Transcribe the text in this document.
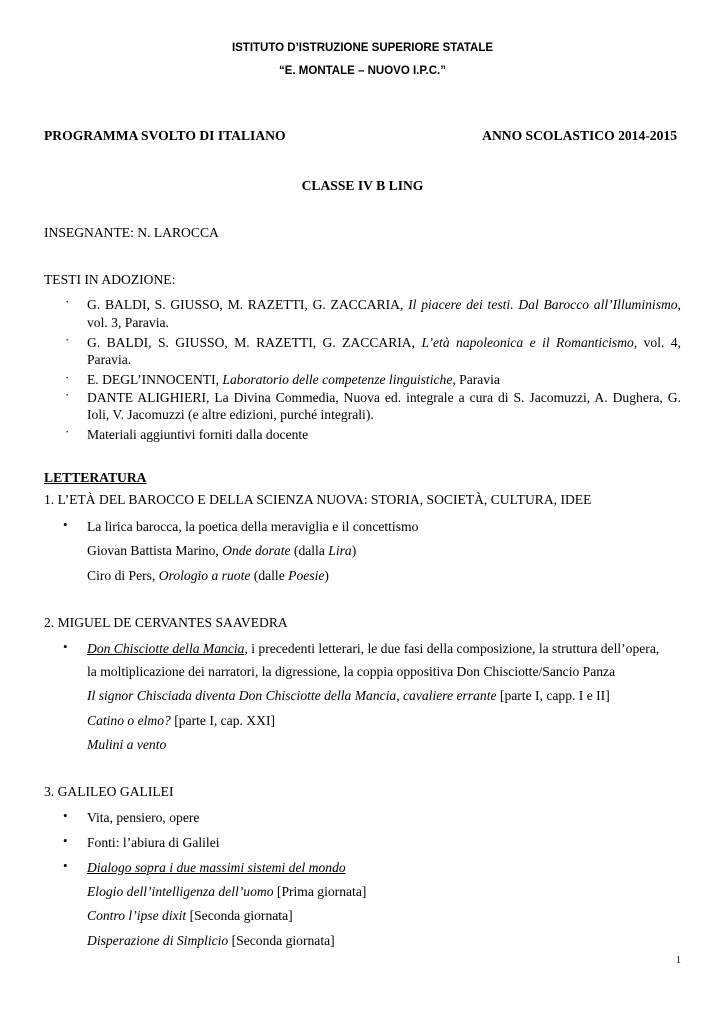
ISTITUTO D’ISTRUZIONE SUPERIORE STATALE
“E. MONTALE – NUOVO I.P.C.”
PROGRAMMA SVOLTO DI ITALIANO	ANNO SCOLASTICO 2014-2015
CLASSE IV B LING
INSEGNANTE: N. LAROCCA
TESTI IN ADOZIONE:
· G. BALDI, S. GIUSSO, M. RAZETTI, G. ZACCARIA, Il piacere dei testi. Dal Barocco all’Illuminismo,
vol. 3, Paravia.
· G. BALDI, S. GIUSSO, M. RAZETTI, G. ZACCARIA, L’età napoleonica e il Romanticismo, vol. 4,
Paravia.
· E. DEGL’INNOCENTI, Laboratorio delle competenze linguistiche, Paravia
· DANTE ALIGHIERI, La Divina Commedia, Nuova ed. integrale a cura di S. Jacomuzzi, A. Dughera, G.
Ioli, V. Jacomuzzi (e altre edizioni, purché integrali).
· Materiali aggiuntivi forniti dalla docente
LETTERATURA
1. L’ETÀ DEL BAROCCO E DELLA SCIENZA NUOVA: STORIA, SOCIETÀ, CULTURA, IDEE
• La lirica barocca, la poetica della meraviglia e il concettismo
Giovan Battista Marino, Onde dorate (dalla Lira)
Ciro di Pers, Orologio a ruote (dalle Poesie)
2. MIGUEL DE CERVANTES SAAVEDRA
• Don Chisciotte della Mancia, i precedenti letterari, le due fasi della composizione, la struttura dell’opera,
la moltiplicazione dei narratori, la digressione, la coppia oppositiva Don Chisciotte/Sancio Panza
Il signor Chisciada diventa Don Chisciotte della Mancia, cavaliere errante [parte I, capp. I e II]
Catino o elmo? [parte I, cap. XXI]
Mulini a vento
3. GALILEO GALILEI
• Vita, pensiero, opere
• Fonti: l’abiura di Galilei
• Dialogo sopra i due massimi sistemi del mondo
Elogio dell’intelligenza dell’uomo [Prima giornata]
Contro l’ipse dixit [Seconda giornata]
Disperazione di Simplicio [Seconda giornata]
1
